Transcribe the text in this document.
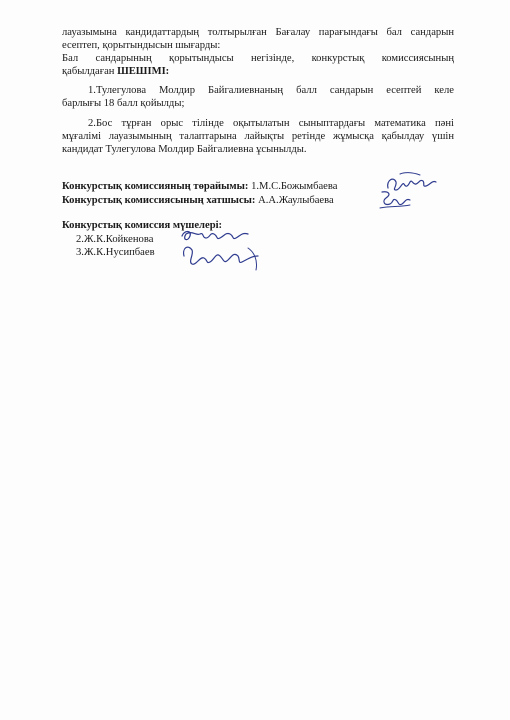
лауазымына кандидаттардың толтырылған Бағалау парағындағы бал сандарын
есептеп, қорытындысын шығарды:
Бал сандарының қорытындысы негізінде, конкурстық комиссиясының
қабылдаған ШЕШІМІ:
1.Тулегулова Молдир Байгалиевнаның балл сандарын есептей келе
барлығы 18 балл қойылды;
2.Бос тұрған орыс тілінде оқытылатын сыныптардағы математика пәні
мұғалімі лауазымының талаптарына лайықты ретінде жұмысқа қабылдау үшін
кандидат Тулегулова Молдир Байгалиевна ұсынылды.
Конкурстық комиссияның төрайымы: 1.М.С.Божымбаева
Конкурстық комиссиясының хатшысы: А.А.Жаулыбаева
Конкурстық комиссия мүшелері:
2.Ж.К.Койкенова
3.Ж.К.Нусипбаев
